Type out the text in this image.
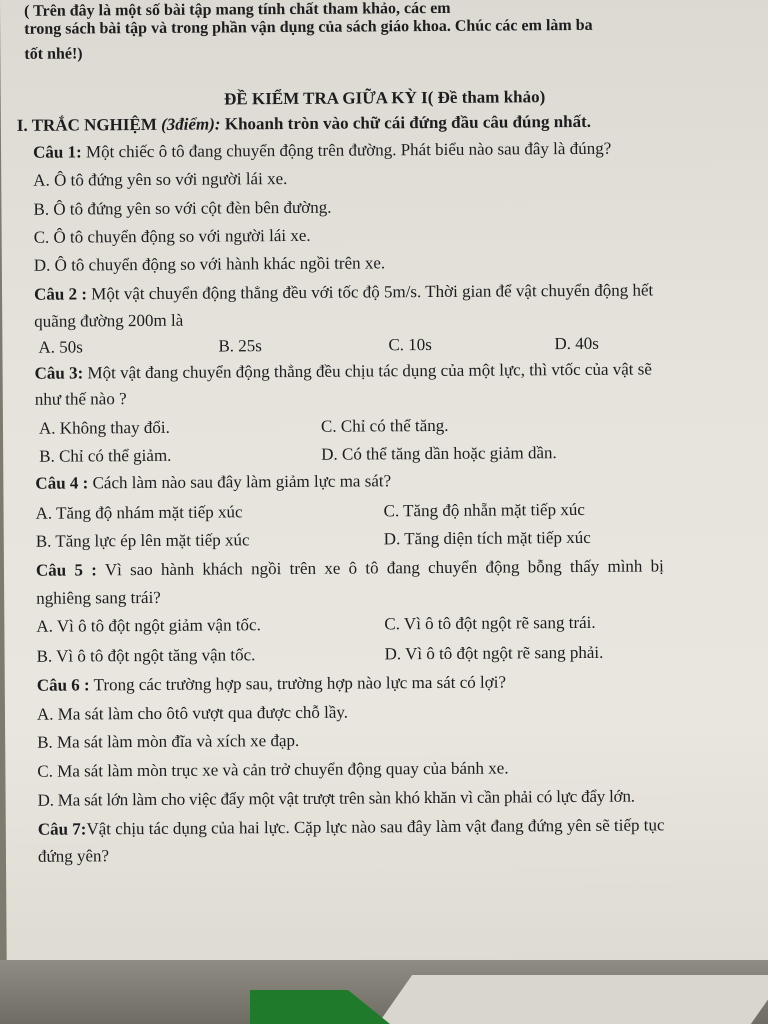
( Trên đây là một số bài tập mang tính chất tham khảo, các em
trong sách bài tập và trong phần vận dụng của sách giáo khoa. Chúc các em làm ba
tốt nhé!)
ĐỀ KIỂM TRA GIỮA KỲ I( Đề tham khảo)
I. TRẮC NGHIỆM (3điểm): Khoanh tròn vào chữ cái đứng đầu câu đúng nhất.
Câu 1: Một chiếc ô tô đang chuyển động trên đường. Phát biểu nào sau đây là đúng?
A. Ô tô đứng yên so với người lái xe.
B. Ô tô đứng yên so với cột đèn bên đường.
C. Ô tô chuyển động so với người lái xe.
D. Ô tô chuyển động so với hành khác ngồi trên xe.
Câu 2 : Một vật chuyển động thẳng đều với tốc độ 5m/s. Thời gian để vật chuyển động hết
quãng đường 200m là
A. 50s	B. 25s	C. 10s	D. 40s
Câu 3: Một vật đang chuyển động thẳng đều chịu tác dụng của một lực, thì vtốc của vật sẽ
như thế nào ?
A. Không thay đổi.	C. Chỉ có thể tăng.
B. Chỉ có thể giảm.	D. Có thể tăng dần hoặc giảm dần.
Câu 4 : Cách làm nào sau đây làm giảm lực ma sát?
A. Tăng độ nhám mặt tiếp xúc	C. Tăng độ nhẵn mặt tiếp xúc
B. Tăng lực ép lên mặt tiếp xúc	D. Tăng diện tích mặt tiếp xúc
Câu 5 : Vì sao hành khách ngồi trên xe ô tô đang chuyển động bỗng thấy mình bị
nghiêng sang trái?
A. Vì ô tô đột ngột giảm vận tốc.	C. Vì ô tô đột ngột rẽ sang trái.
B. Vì ô tô đột ngột tăng vận tốc.	D. Vì ô tô đột ngột rẽ sang phải.
Câu 6 : Trong các trường hợp sau, trường hợp nào lực ma sát có lợi?
A. Ma sát làm cho ôtô vượt qua được chỗ lầy.
B. Ma sát làm mòn đĩa và xích xe đạp.
C. Ma sát làm mòn trục xe và cản trở chuyển động quay của bánh xe.
D. Ma sát lớn làm cho việc đẩy một vật trượt trên sàn khó khăn vì cần phải có lực đẩy lớn.
Câu 7:Vật chịu tác dụng của hai lực. Cặp lực nào sau đây làm vật đang đứng yên sẽ tiếp tục
đứng yên?
